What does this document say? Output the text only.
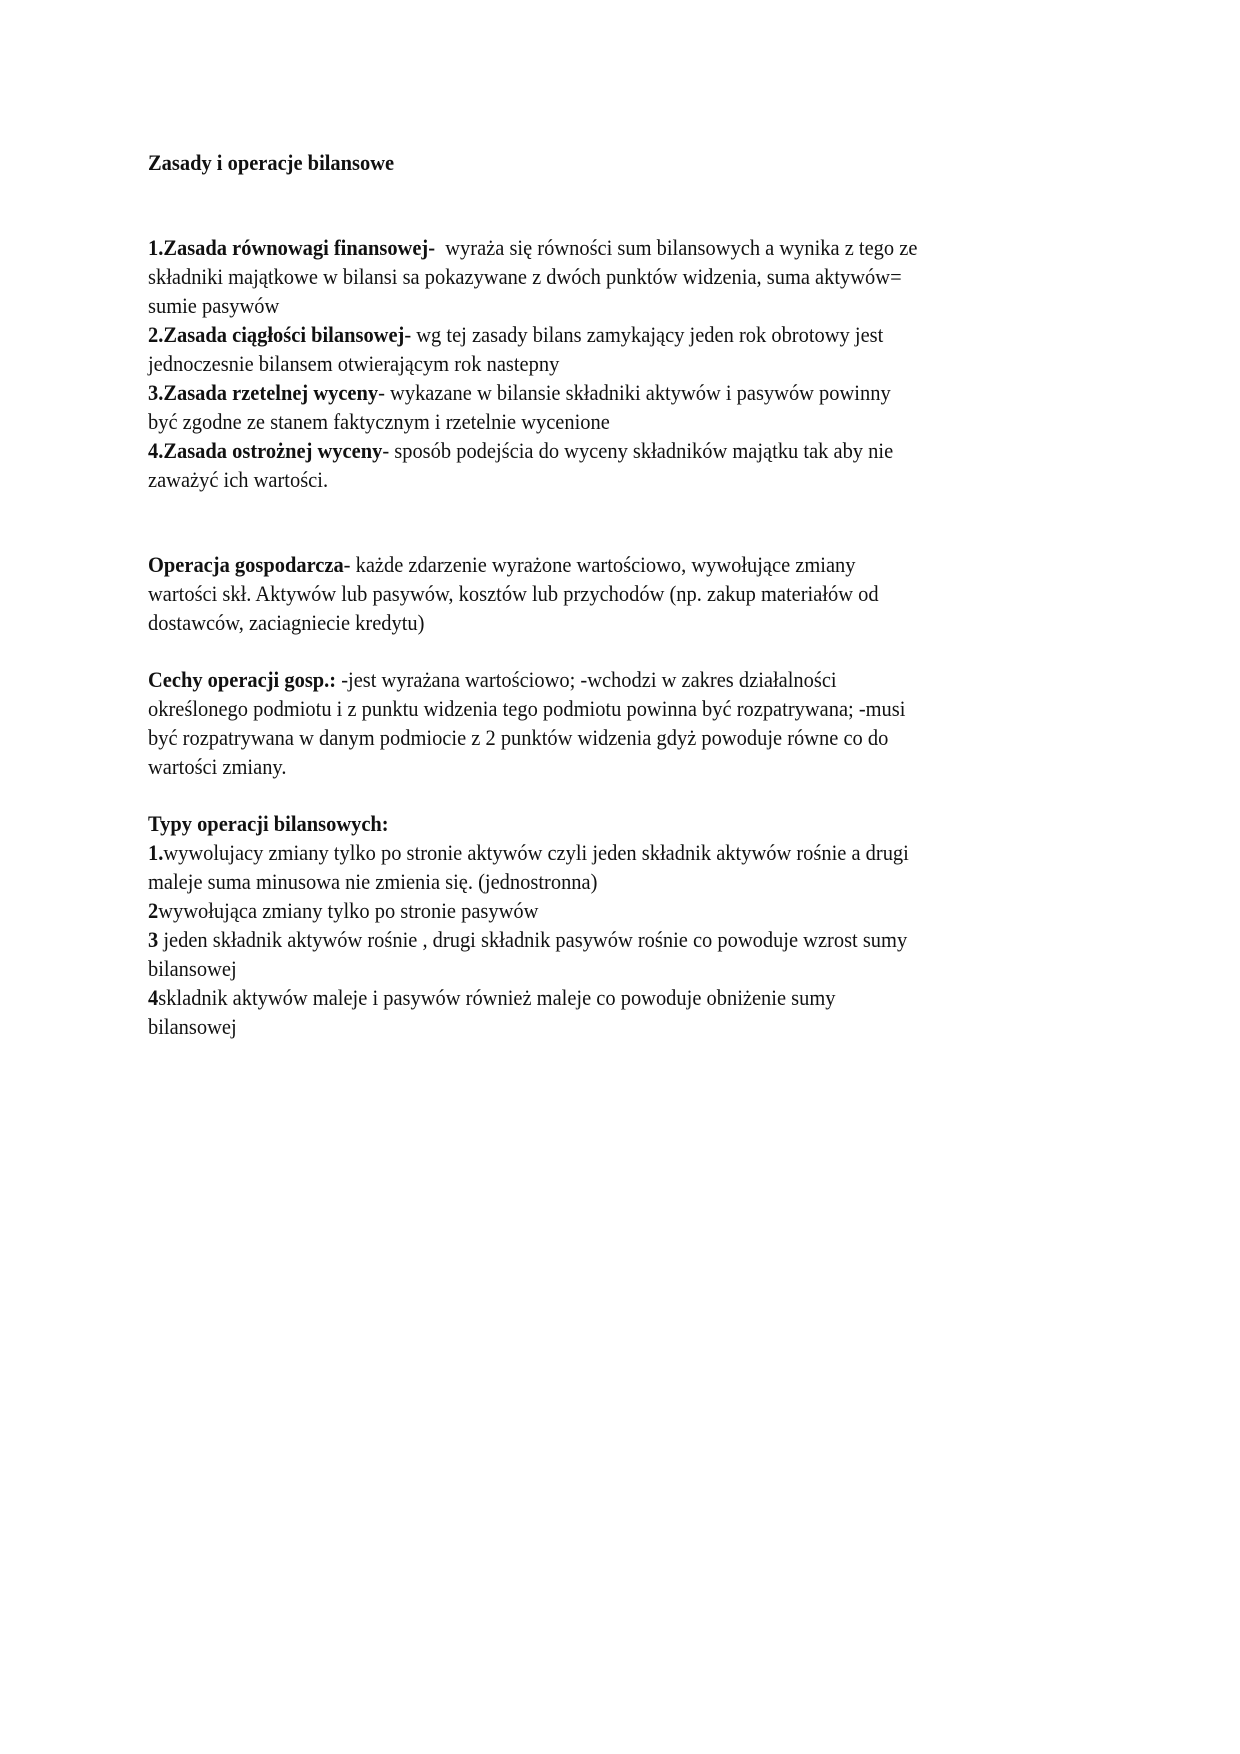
Zasady i operacje bilansowe
1.Zasada równowagi finansowej-  wyraża się równości sum bilansowych a wynika z tego ze
składniki majątkowe w bilansi sa pokazywane z dwóch punktów widzenia, suma aktywów=
sumie pasywów
2.Zasada ciągłości bilansowej- wg tej zasady bilans zamykający jeden rok obrotowy jest
jednoczesnie bilansem otwierającym rok nastepny
3.Zasada rzetelnej wyceny- wykazane w bilansie składniki aktywów i pasywów powinny
być zgodne ze stanem faktycznym i rzetelnie wycenione
4.Zasada ostrożnej wyceny- sposób podejścia do wyceny składników majątku tak aby nie
zaważyć ich wartości.
Operacja gospodarcza- każde zdarzenie wyrażone wartościowo, wywołujące zmiany
wartości skł. Aktywów lub pasywów, kosztów lub przychodów (np. zakup materiałów od
dostawców, zaciagniecie kredytu)
Cechy operacji gosp.: -jest wyrażana wartościowo; -wchodzi w zakres działalności
określonego podmiotu i z punktu widzenia tego podmiotu powinna być rozpatrywana; -musi
być rozpatrywana w danym podmiocie z 2 punktów widzenia gdyż powoduje równe co do
wartości zmiany.
Typy operacji bilansowych:
1.wywolujacy zmiany tylko po stronie aktywów czyli jeden składnik aktywów rośnie a drugi
maleje suma minusowa nie zmienia się. (jednostronna)
2wywołująca zmiany tylko po stronie pasywów
3 jeden składnik aktywów rośnie , drugi składnik pasywów rośnie co powoduje wzrost sumy
bilansowej
4skladnik aktywów maleje i pasywów również maleje co powoduje obniżenie sumy
bilansowej
